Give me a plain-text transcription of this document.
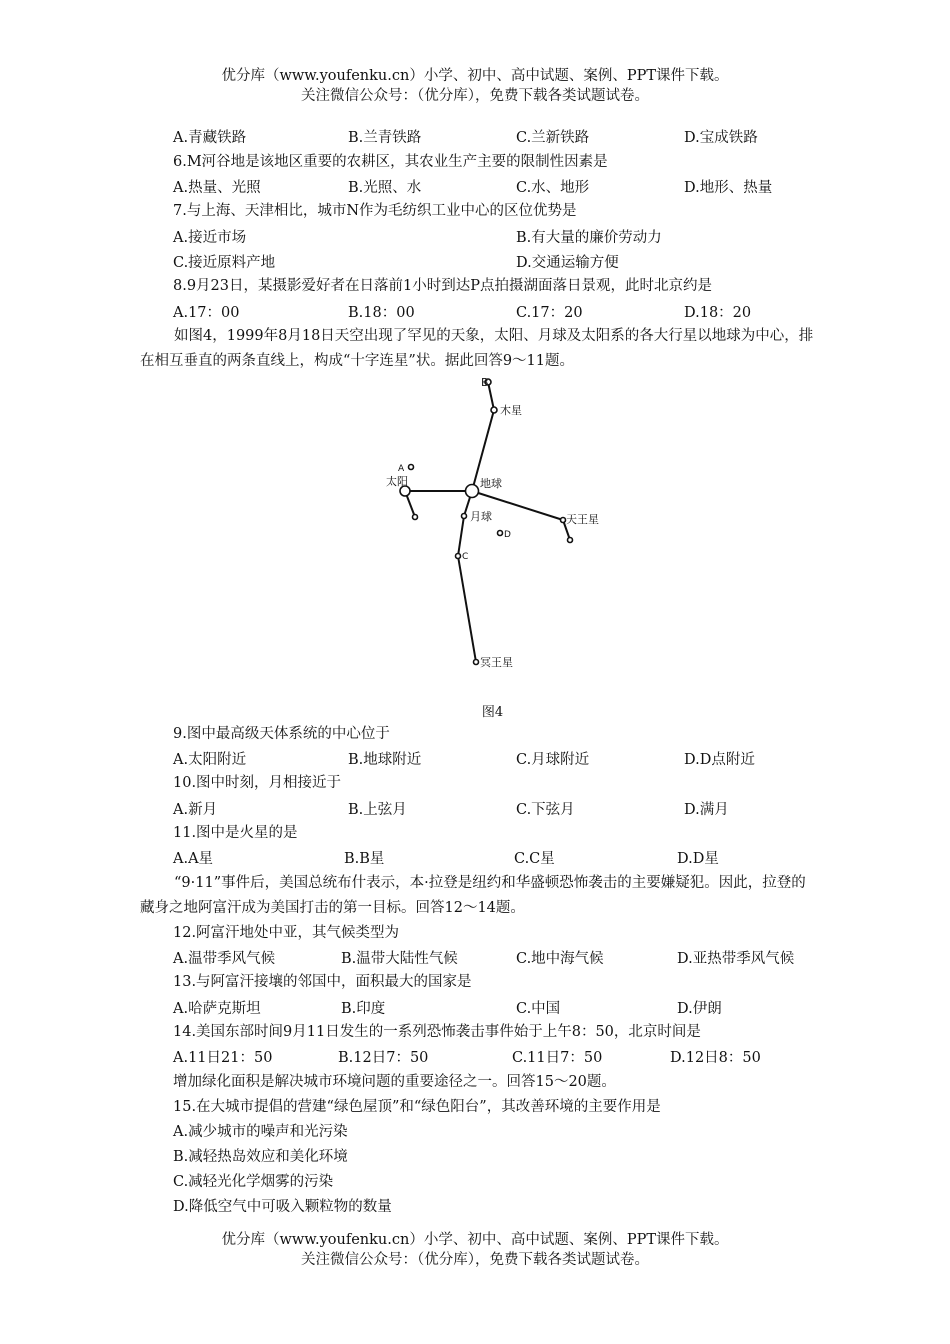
优分库（www.youfenku.cn）小学、初中、高中试题、案例、PPT课件下载。
关注微信公众号：（优分库），免费下载各类试题试卷。
A.青藏铁路	B.兰青铁路	C.兰新铁路	D.宝成铁路
6.M河谷地是该地区重要的农耕区，其农业生产主要的限制性因素是
A.热量、光照	B.光照、水	C.水、地形	D.地形、热量
7.与上海、天津相比，城市N作为毛纺织工业中心的区位优势是
A.接近市场	B.有大量的廉价劳动力
C.接近原料产地	D.交通运输方便
8.9月23日，某摄影爱好者在日落前1小时到达P点拍摄湖面落日景观，此时北京约是
A.17：00	B.18：00	C.17：20	D.18：20
如图4，1999年8月18日天空出现了罕见的天象，太阳、月球及太阳系的各大行星以地球为中心，排在相互垂直的两条直线上，构成“十字连星”状。据此回答9～11题。
B
木星
A
太阳	地球
月球
D
天王星
C
冥王星
图4
9.图中最高级天体系统的中心位于
A.太阳附近	B.地球附近	C.月球附近	D.D点附近
10.图中时刻，月相接近于
A.新月	B.上弦月	C.下弦月	D.满月
11.图中是火星的是
A.A星	B.B星	C.C星	D.D星
“9·11”事件后，美国总统布什表示，本·拉登是纽约和华盛顿恐怖袭击的主要嫌疑犯。因此，拉登的藏身之地阿富汗成为美国打击的第一目标。回答12～14题。
12.阿富汗地处中亚，其气候类型为
A.温带季风气候	B.温带大陆性气候	C.地中海气候	D.亚热带季风气候
13.与阿富汗接壤的邻国中，面积最大的国家是
A.哈萨克斯坦	B.印度	C.中国	D.伊朗
14.美国东部时间9月11日发生的一系列恐怖袭击事件始于上午8：50，北京时间是
A.11日21：50	B.12日7：50	C.11日7：50	D.12日8：50
增加绿化面积是解决城市环境问题的重要途径之一。回答15～20题。
15.在大城市提倡的营建“绿色屋顶”和“绿色阳台”，其改善环境的主要作用是
A.减少城市的噪声和光污染
B.减轻热岛效应和美化环境
C.减轻光化学烟雾的污染
D.降低空气中可吸入颗粒物的数量
优分库（www.youfenku.cn）小学、初中、高中试题、案例、PPT课件下载。
关注微信公众号：（优分库），免费下载各类试题试卷。
